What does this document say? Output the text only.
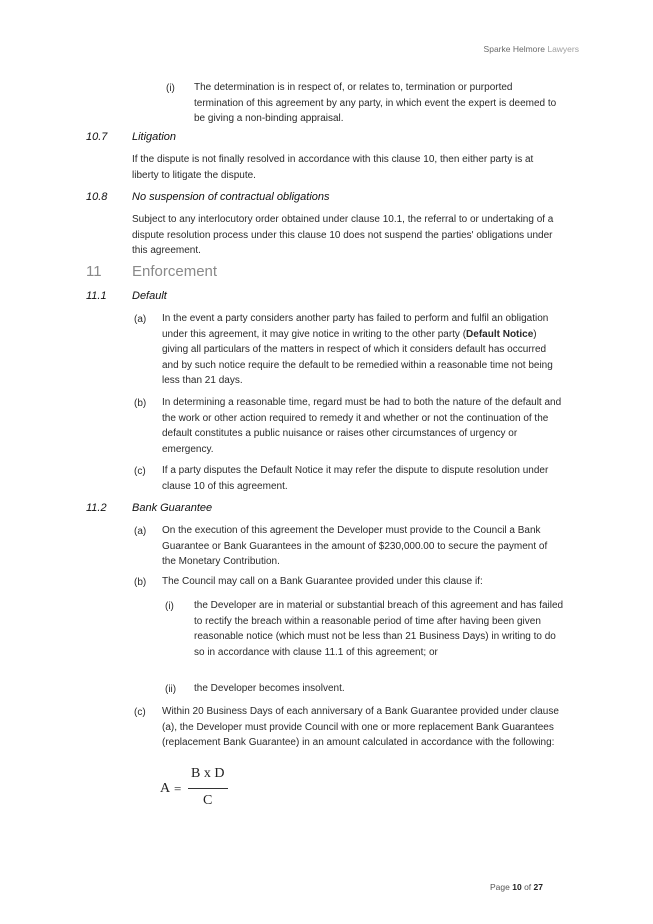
Sparke Helmore Lawyers
(i) The determination is in respect of, or relates to, termination or purported termination of this agreement by any party, in which event the expert is deemed to be giving a non-binding appraisal.
10.7 Litigation
If the dispute is not finally resolved in accordance with this clause 10, then either party is at liberty to litigate the dispute.
10.8 No suspension of contractual obligations
Subject to any interlocutory order obtained under clause 10.1, the referral to or undertaking of a dispute resolution process under this clause 10 does not suspend the parties' obligations under this agreement.
11 Enforcement
11.1 Default
(a) In the event a party considers another party has failed to perform and fulfil an obligation under this agreement, it may give notice in writing to the other party (Default Notice) giving all particulars of the matters in respect of which it considers default has occurred and by such notice require the default to be remedied within a reasonable time not being less than 21 days.
(b) In determining a reasonable time, regard must be had to both the nature of the default and the work or other action required to remedy it and whether or not the continuation of the default constitutes a public nuisance or raises other circumstances of urgency or emergency.
(c) If a party disputes the Default Notice it may refer the dispute to dispute resolution under clause 10 of this agreement.
11.2 Bank Guarantee
(a) On the execution of this agreement the Developer must provide to the Council a Bank Guarantee or Bank Guarantees in the amount of $230,000.00 to secure the payment of the Monetary Contribution.
(b) The Council may call on a Bank Guarantee provided under this clause if:
(i) the Developer are in material or substantial breach of this agreement and has failed to rectify the breach within a reasonable period of time after having been given reasonable notice (which must not be less than 21 Business Days) in writing to do so in accordance with clause 11.1 of this agreement; or
(ii) the Developer becomes insolvent.
(c) Within 20 Business Days of each anniversary of a Bank Guarantee provided under clause (a), the Developer must provide Council with one or more replacement Bank Guarantees (replacement Bank Guarantee) in an amount calculated in accordance with the following:
A =
B x D
C
Page 10 of 27
